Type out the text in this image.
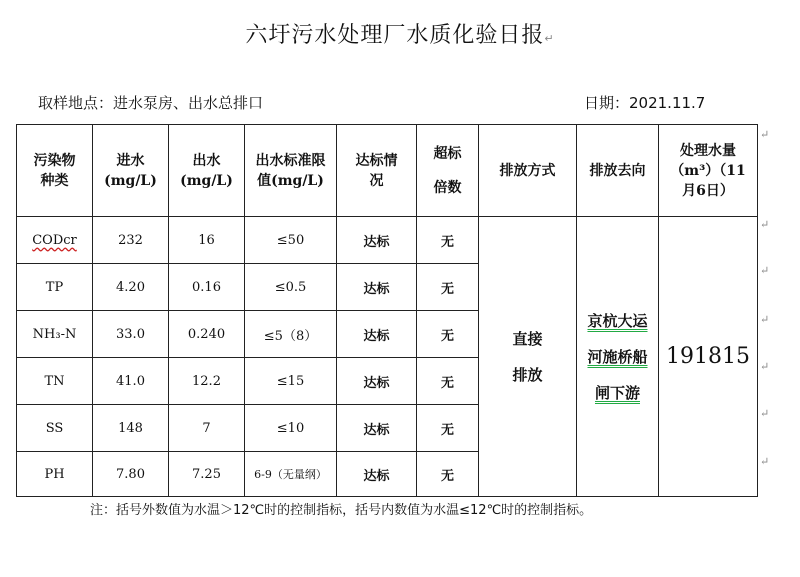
六圩污水处理厂水质化验日报↵
取样地点：进水泵房、出水总排口	日期：2021.11.7
污染物种类	进水(mg/L)	出水(mg/L)	出水标准限值(mg/L)	达标情况	超标倍数	排放方式	排放去向	处理水量（m³）（11月6日）
CODcr	232	16	≤50	达标	无	直接排放	京杭大运河施桥船闸下游	191815
TP	4.20	0.16	≤0.5	达标	无			
NH₃-N	33.0	0.240	≤5（8）	达标	无			
TN	41.0	12.2	≤15	达标	无			
SS	148	7	≤10	达标	无			
PH	7.80	7.25	6-9（无量纲）	达标	无			
↵
↵
↵
↵
↵
↵
↵
注：括号外数值为水温＞12℃时的控制指标，括号内数值为水温≤12℃时的控制指标。
